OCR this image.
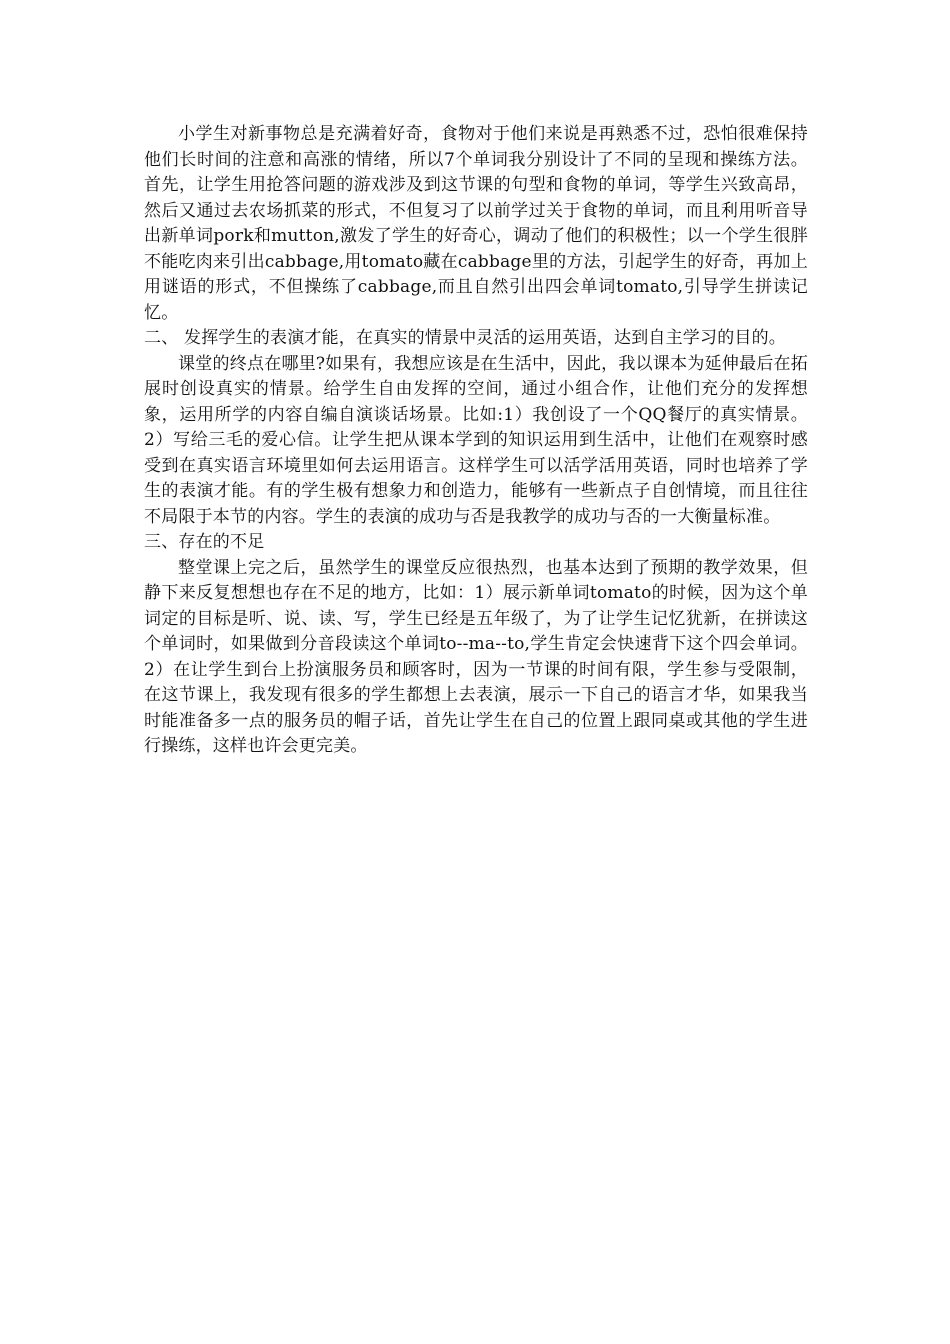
小学生对新事物总是充满着好奇，食物对于他们来说是再熟悉不过，恐怕很难保持他们长时间的注意和高涨的情绪，所以7个单词我分别设计了不同的呈现和操练方法。首先，让学生用抢答问题的游戏涉及到这节课的句型和食物的单词，等学生兴致高昂，然后又通过去农场抓菜的形式，不但复习了以前学过关于食物的单词，而且利用听音导出新单词pork和mutton,激发了学生的好奇心，调动了他们的积极性；以一个学生很胖不能吃肉来引出cabbage,用tomato藏在cabbage里的方法，引起学生的好奇，再加上用谜语的形式，不但操练了cabbage,而且自然引出四会单词tomato,引导学生拼读记忆。

二、 发挥学生的表演才能，在真实的情景中灵活的运用英语，达到自主学习的目的。

课堂的终点在哪里?如果有，我想应该是在生活中，因此，我以课本为延伸最后在拓展时创设真实的情景。给学生自由发挥的空间，通过小组合作，让他们充分的发挥想象，运用所学的内容自编自演谈话场景。比如:1）我创设了一个QQ餐厅的真实情景。2）写给三毛的爱心信。让学生把从课本学到的知识运用到生活中，让他们在观察时感受到在真实语言环境里如何去运用语言。这样学生可以活学活用英语，同时也培养了学生的表演才能。有的学生极有想象力和创造力，能够有一些新点子自创情境，而且往往不局限于本节的内容。学生的表演的成功与否是我教学的成功与否的一大衡量标准。

三、存在的不足

整堂课上完之后，虽然学生的课堂反应很热烈，也基本达到了预期的教学效果，但静下来反复想想也存在不足的地方，比如：1）展示新单词tomato的时候，因为这个单词定的目标是听、说、读、写，学生已经是五年级了，为了让学生记忆犹新，在拼读这个单词时，如果做到分音段读这个单词to--ma--to,学生肯定会快速背下这个四会单词。2）在让学生到台上扮演服务员和顾客时，因为一节课的时间有限，学生参与受限制，在这节课上，我发现有很多的学生都想上去表演，展示一下自己的语言才华，如果我当时能准备多一点的服务员的帽子话，首先让学生在自己的位置上跟同桌或其他的学生进行操练，这样也许会更完美。
